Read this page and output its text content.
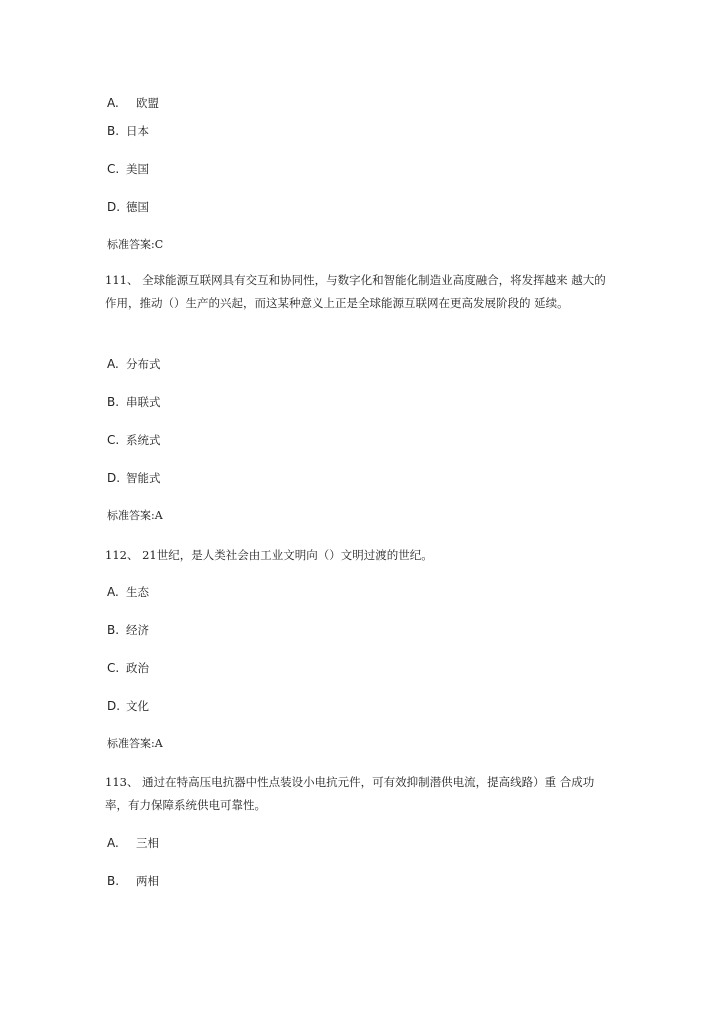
A. 欧盟
B. 日本
C. 美国
D. 德国
标准答案:C
111、 全球能源互联网具有交互和协同性，与数字化和智能化制造业高度融合，将发挥越来 越大的作用，推动（）生产的兴起，而这某种意义上正是全球能源互联网在更高发展阶段的 延续。
A. 分布式
B. 串联式
C. 系统式
D. 智能式
标准答案:A
112、 21世纪，是人类社会由工业文明向（）文明过渡的世纪。
A. 生态
B. 经济
C. 政治
D. 文化
标准答案:A
113、 通过在特高压电抗器中性点装设小电抗元件，可有效抑制潜供电流，提高线路）重 合成功率，有力保障系统供电可靠性。
A. 三相
B. 两相
